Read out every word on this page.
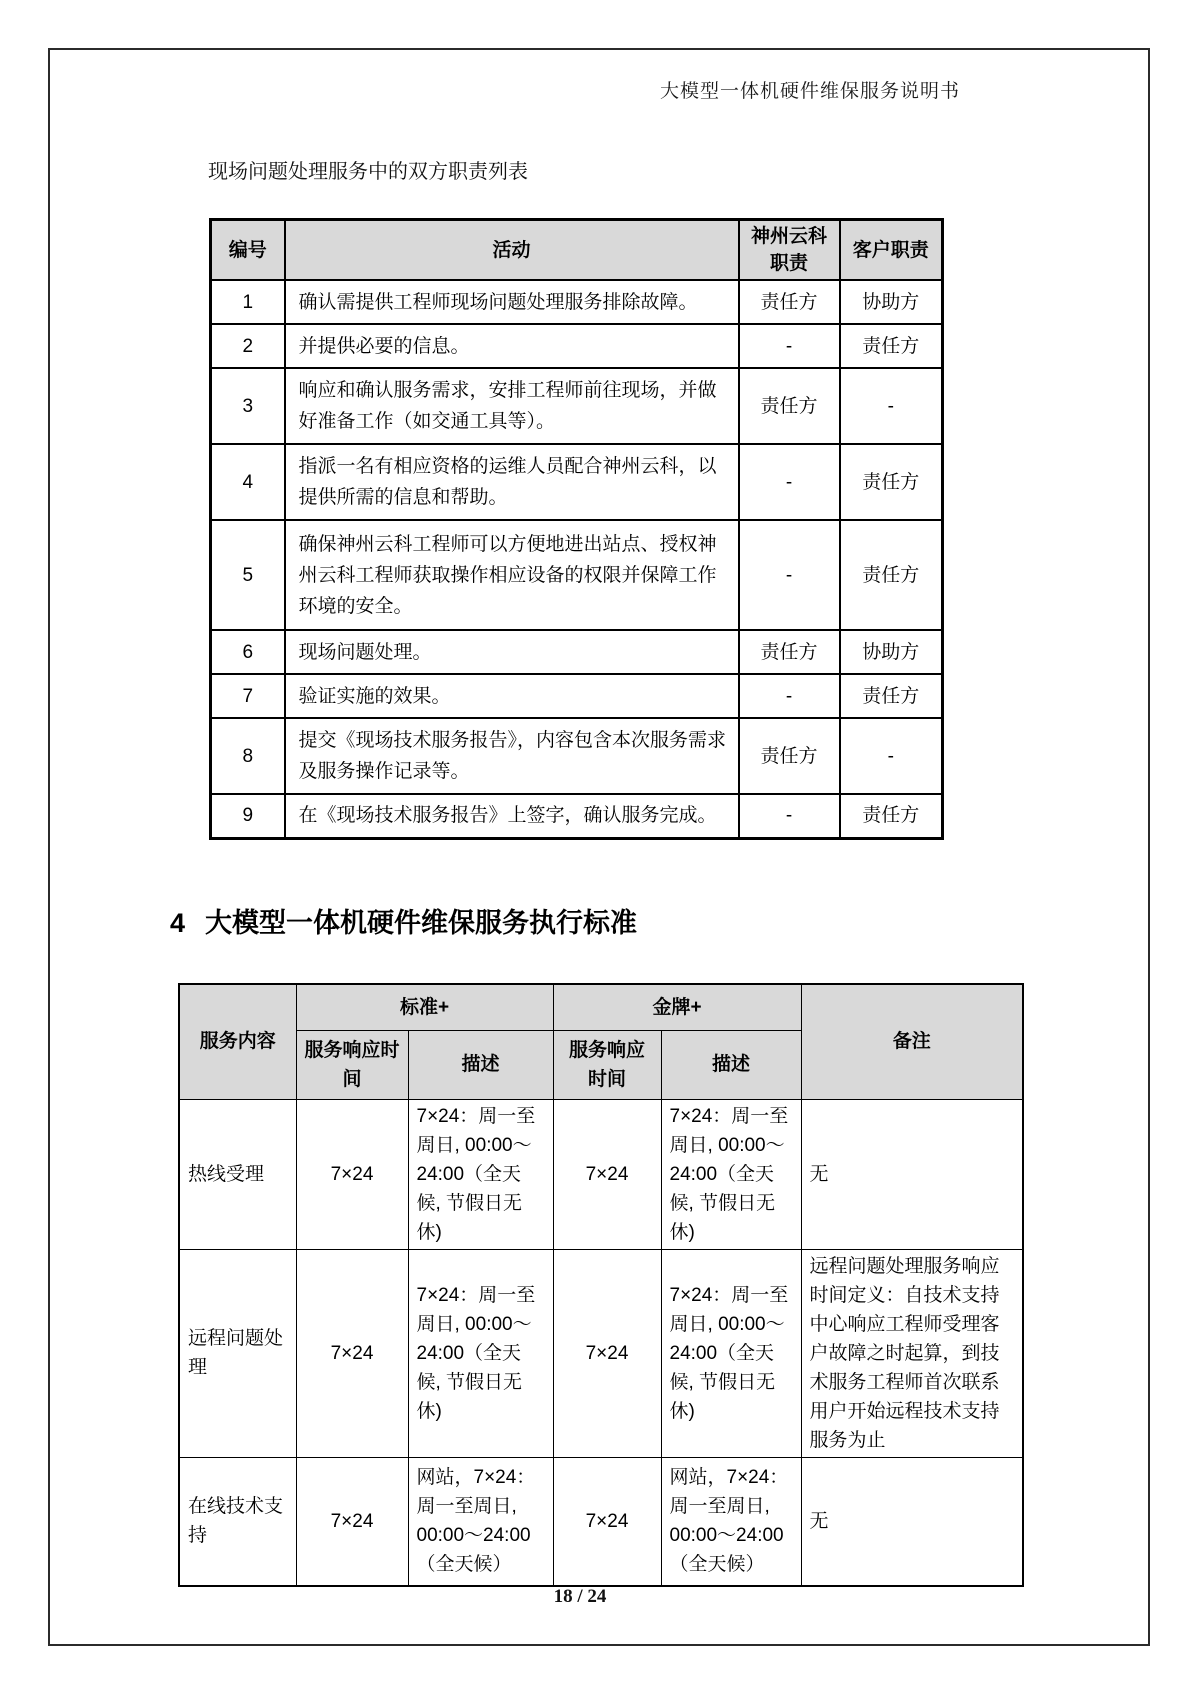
大模型一体机硬件维保服务说明书
现场问题处理服务中的双方职责列表
编号	活动	神州云科职责	客户职责
1	确认需提供工程师现场问题处理服务排除故障。	责任方	协助方
2	并提供必要的信息。	-	责任方
3	响应和确认服务需求，安排工程师前往现场，并做好准备工作（如交通工具等）。	责任方	-
4	指派一名有相应资格的运维人员配合神州云科，以提供所需的信息和帮助。	-	责任方
5	确保神州云科工程师可以方便地进出站点、授权神州云科工程师获取操作相应设备的权限并保障工作环境的安全。	-	责任方
6	现场问题处理。	责任方	协助方
7	验证实施的效果。	-	责任方
8	提交《现场技术服务报告》，内容包含本次服务需求及服务操作记录等。	责任方	-
9	在《现场技术服务报告》上签字，确认服务完成。	-	责任方
4 大模型一体机硬件维保服务执行标准
服务内容	标准+		金牌+		备注
	服务响应时间	描述	服务响应时间	描述	
热线受理	7×24	7×24：周一至周日, 00:00～24:00（全天候, 节假日无休)	7×24	7×24：周一至周日, 00:00～24:00（全天候, 节假日无休)	无
远程问题处理	7×24	7×24：周一至周日, 00:00～24:00（全天候, 节假日无休)	7×24	7×24：周一至周日, 00:00～24:00（全天候, 节假日无休)	远程问题处理服务响应时间定义：自技术支持中心响应工程师受理客户故障之时起算，到技术服务工程师首次联系用户开始远程技术支持服务为止
在线技术支持	7×24	网站，7×24：周一至周日, 00:00～24:00 （全天候）	7×24	网站，7×24：周一至周日, 00:00～24:00 （全天候）	无
18 / 24
